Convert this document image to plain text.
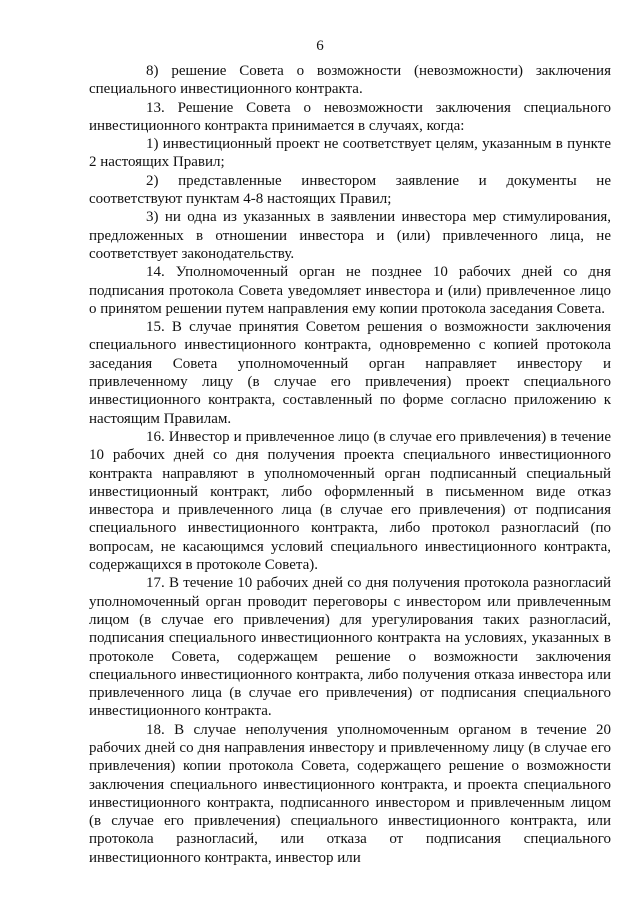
6

8) решение Совета о возможности (невозможности) заключения специального инвестиционного контракта.

13. Решение Совета о невозможности заключения специального инвестиционного контракта принимается в случаях, когда:

1) инвестиционный проект не соответствует целям, указанным в пункте 2 настоящих Правил;

2) представленные инвестором заявление и документы не соответствуют пунктам 4-8 настоящих Правил;

3) ни одна из указанных в заявлении инвестора мер стимулирования, предложенных в отношении инвестора и (или) привлеченного лица, не соответствует законодательству.

14. Уполномоченный орган не позднее 10 рабочих дней со дня подписания протокола Совета уведомляет инвестора и (или) привлеченное лицо о принятом решении путем направления ему копии протокола заседания Совета.

15. В случае принятия Советом решения о возможности заключения специального инвестиционного контракта, одновременно с копией протокола заседания Совета уполномоченный орган направляет инвестору и привлеченному лицу (в случае его привлечения) проект специального инвестиционного контракта, составленный по форме согласно приложению к настоящим Правилам.

16. Инвестор и привлеченное лицо (в случае его привлечения) в течение 10 рабочих дней со дня получения проекта специального инвестиционного контракта направляют в уполномоченный орган подписанный специальный инвестиционный контракт, либо оформленный в письменном виде отказ инвестора и привлеченного лица (в случае его привлечения) от подписания специального инвестиционного контракта, либо протокол разногласий (по вопросам, не касающимся условий специального инвестиционного контракта, содержащихся в протоколе Совета).

17. В течение 10 рабочих дней со дня получения протокола разногласий уполномоченный орган проводит переговоры с инвестором или привлеченным лицом (в случае его привлечения) для урегулирования таких разногласий, подписания специального инвестиционного контракта на условиях, указанных в протоколе Совета, содержащем решение о возможности заключения специального инвестиционного контракта, либо получения отказа инвестора или привлеченного лица (в случае его привлечения) от подписания специального инвестиционного контракта.

18. В случае неполучения уполномоченным органом в течение 20 рабочих дней со дня направления инвестору и привлеченному лицу (в случае его привлечения) копии протокола Совета, содержащего решение о возможности заключения специального инвестиционного контракта, и проекта специального инвестиционного контракта, подписанного инвестором и привлеченным лицом (в случае его привлечения) специального инвестиционного контракта, или протокола разногласий, или отказа от подписания специального инвестиционного контракта, инвестор или
